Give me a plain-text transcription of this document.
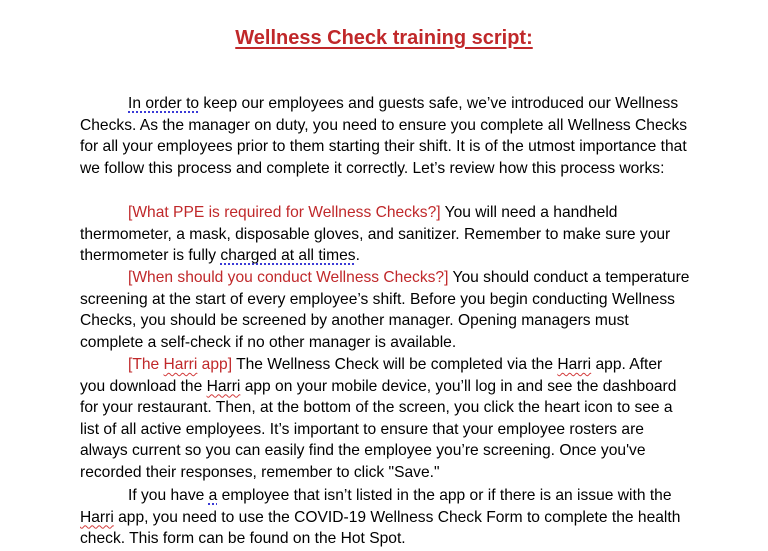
Wellness Check training script:

In order to keep our employees and guests safe, we’ve introduced our Wellness Checks. As the manager on duty, you need to ensure you complete all Wellness Checks for all your employees prior to them starting their shift. It is of the utmost importance that we follow this process and complete it correctly. Let’s review how this process works:

[What PPE is required for Wellness Checks?] You will need a handheld thermometer, a mask, disposable gloves, and sanitizer. Remember to make sure your thermometer is fully charged at all times.

[When should you conduct Wellness Checks?] You should conduct a temperature screening at the start of every employee’s shift. Before you begin conducting Wellness Checks, you should be screened by another manager. Opening managers must complete a self-check if no other manager is available.

[The Harri app] The Wellness Check will be completed via the Harri app. After you download the Harri app on your mobile device, you’ll log in and see the dashboard for your restaurant. Then, at the bottom of the screen, you click the heart icon to see a list of all active employees. It’s important to ensure that your employee rosters are always current so you can easily find the employee you’re screening. Once you've recorded their responses, remember to click "Save."

If you have a employee that isn’t listed in the app or if there is an issue with the Harri app, you need to use the COVID-19 Wellness Check Form to complete the health check. This form can be found on the Hot Spot.
